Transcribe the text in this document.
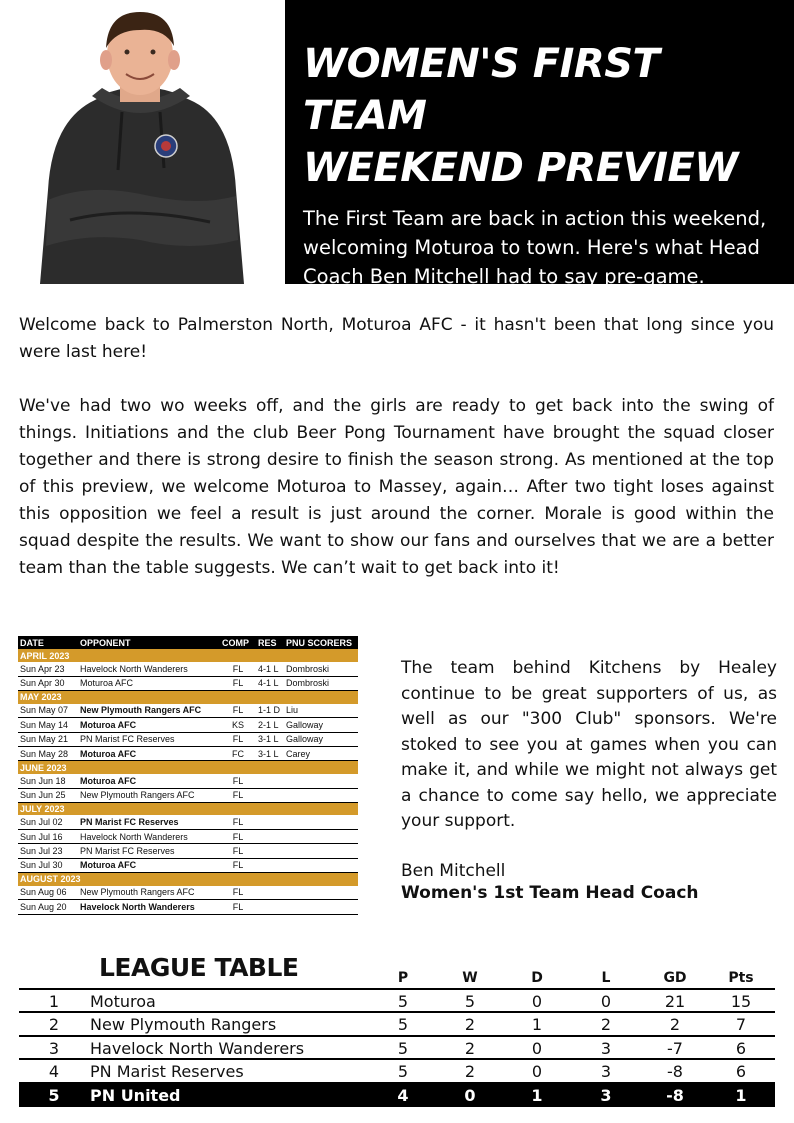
WOMEN'S FIRST TEAM
WEEKEND PREVIEW

The First Team are back in action this weekend, welcoming Moturoa to town. Here's what Head Coach Ben Mitchell had to say pre-game.

Welcome back to Palmerston North, Moturoa AFC - it hasn't been that long since you were last here!

We've had two wo weeks off, and the girls are ready to get back into the swing of things. Initiations and the club Beer Pong Tournament have brought the squad closer together and there is strong desire to finish the season strong. As mentioned at the top of this preview, we welcome Moturoa to Massey, again… After two tight loses against this opposition we feel a result is just around the corner. Morale is good within the squad despite the results. We want to show our fans and ourselves that we are a better team than the table suggests. We can’t wait to get back into it!

DATE	OPPONENT	COMP	RES	PNU SCORERS
APRIL 2023				
Sun Apr 23	Havelock North Wanderers	FL	4-1 L	Dombroski
Sun Apr 30	Moturoa AFC	FL	4-1 L	Dombroski
MAY 2023				
Sun May 07	New Plymouth Rangers AFC	FL	1-1 D	Liu
Sun May 14	Moturoa AFC	KS	2-1 L	Galloway
Sun May 21	PN Marist FC Reserves	FL	3-1 L	Galloway
Sun May 28	Moturoa AFC	FC	3-1 L	Carey
JUNE 2023				
Sun Jun 18	Moturoa AFC	FL		
Sun Jun 25	New Plymouth Rangers AFC	FL		
JULY 2023				
Sun Jul 02	PN Marist FC Reserves	FL		
Sun Jul 16	Havelock North Wanderers	FL		
Sun Jul 23	PN Marist FC Reserves	FL		
Sun Jul 30	Moturoa AFC	FL		
AUGUST 2023				
Sun Aug 06	New Plymouth Rangers AFC	FL		
Sun Aug 20	Havelock North Wanderers	FL		

The team behind Kitchens by Healey continue to be great supporters of us, as well as our "300 Club" sponsors. We're stoked to see you at games when you can make it, and while we might not always get a chance to come say hello, we appreciate your support.

Ben Mitchell
Women's 1st Team Head Coach
LEAGUE TABLE	P	W	D	L	GD	Pts
1 Moturoa	5	5	0	0	21	15
2 New Plymouth Rangers	5	2	1	2	2	7
3 Havelock North Wanderers	5	2	0	3	-7	6
4 PN Marist Reserves	5	2	0	3	-8	6
5 PN United	4	0	1	3	-8	1
